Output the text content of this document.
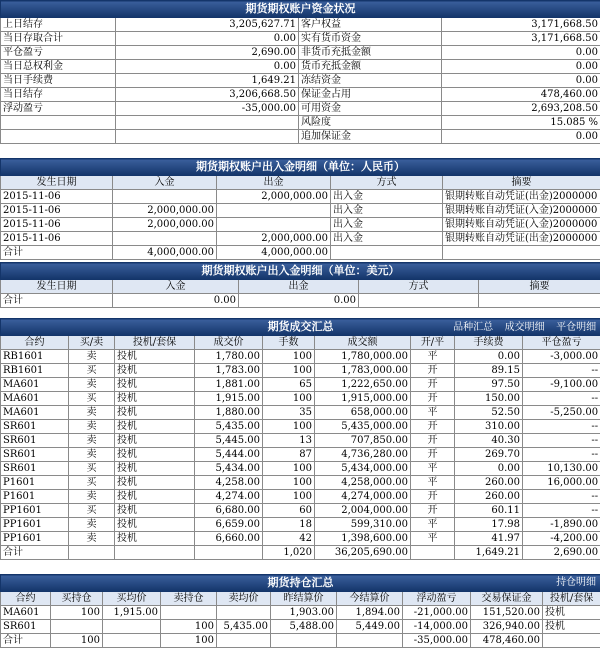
期货期权账户资金状况			
上日结存	3,205,627.71	客户权益	3,171,668.50
当日存取合计	0.00	实有货币资金	3,171,668.50
平仓盈亏	2,690.00	非货币充抵金额	0.00
当日总权利金	0.00	货币充抵金额	0.00
当日手续费	1,649.21	冻结资金	0.00
当日结存	3,206,668.50	保证金占用	478,460.00
浮动盈亏	-35,000.00	可用资金	2,693,208.50
		风险度	15.085 %
		追加保证金	0.00
期货期权账户出入金明细（单位：人民币）				
发生日期	入金	出金	方式	摘要
2015-11-06		2,000,000.00	出入金	银期转账自动凭证(出金)2000000
2015-11-06	2,000,000.00		出入金	银期转账自动凭证(入金)2000000
2015-11-06	2,000,000.00		出入金	银期转账自动凭证(入金)2000000
2015-11-06		2,000,000.00	出入金	银期转账自动凭证(出金)2000000
合计	4,000,000.00	4,000,000.00		
期货期权账户出入金明细（单位：美元）				
发生日期	入金	出金	方式	摘要
合计	0.00	0.00		
期货成交汇总 品种汇总 成交明细 平仓明细								

合约	买/卖	投机/套保	成交价	手数	成交额	开/平	手续费	平仓盈亏
RB1601	卖	投机	1,780.00	100	1,780,000.00	平	0.00	-3,000.00
RB1601	买	投机	1,783.00	100	1,783,000.00	开	89.15	--
MA601	卖	投机	1,881.00	65	1,222,650.00	开	97.50	-9,100.00
MA601	买	投机	1,915.00	100	1,915,000.00	开	150.00	--
MA601	卖	投机	1,880.00	35	658,000.00	平	52.50	-5,250.00
SR601	卖	投机	5,435.00	100	5,435,000.00	开	310.00	--
SR601	卖	投机	5,445.00	13	707,850.00	开	40.30	--
SR601	卖	投机	5,444.00	87	4,736,280.00	开	269.70	--
SR601	买	投机	5,434.00	100	5,434,000.00	平	0.00	10,130.00
P1601	买	投机	4,258.00	100	4,258,000.00	平	260.00	16,000.00
P1601	卖	投机	4,274.00	100	4,274,000.00	开	260.00	--
PP1601	买	投机	6,680.00	60	2,004,000.00	开	60.11	--
PP1601	卖	投机	6,659.00	18	599,310.00	平	17.98	-1,890.00
PP1601	卖	投机	6,660.00	42	1,398,600.00	平	41.97	-4,200.00
合计				1,020	36,205,690.00		1,649.21	2,690.00
期货持仓汇总 持仓明细									

合约	买持仓	买均价	卖持仓	卖均价	昨结算价	今结算价	浮动盈亏	交易保证金	投机/套保
MA601	100	1,915.00			1,903.00	1,894.00	-21,000.00	151,520.00	投机
SR601			100	5,435.00	5,488.00	5,449.00	-14,000.00	326,940.00	投机
合计	100		100				-35,000.00	478,460.00	
